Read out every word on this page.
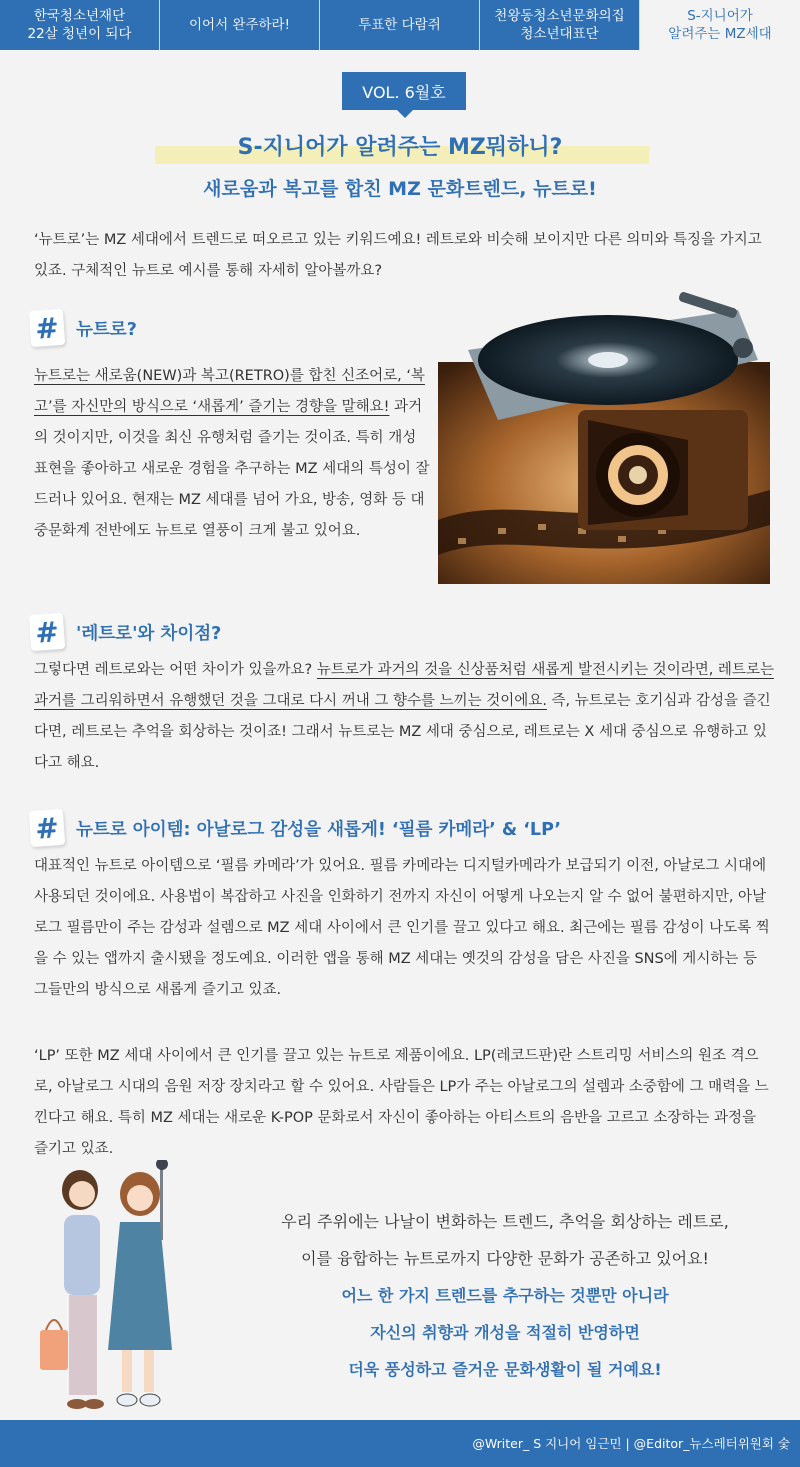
한국청소년재단
22살 청년이 되다
이어서 완주하라!	투표한 다람쥐
천왕동청소년문화의집
청소년대표단
S-지니어가
알려주는 MZ세대
VOL. 6월호
S-지니어가 알려주는 MZ뭐하니?
새로움과 복고를 합친 MZ 문화트렌드, 뉴트로!
‘뉴트로’는 MZ 세대에서 트렌드로 떠오르고 있는 키워드예요! 레트로와 비슷해 보이지만 다른 의미와 특징을 가지고 있죠. 구체적인 뉴트로 예시를 통해 자세히 알아볼까요?
# 뉴트로?
뉴트로는 새로움(NEW)과 복고(RETRO)를 합친 신조어로, ‘복고’를 자신만의 방식으로 ‘새롭게’ 즐기는 경향을 말해요! 과거의 것이지만, 이것을 최신 유행처럼 즐기는 것이죠. 특히 개성 표현을 좋아하고 새로운 경험을 추구하는 MZ 세대의 특성이 잘 드러나 있어요. 현재는 MZ 세대를 넘어 가요, 방송, 영화 등 대중문화계 전반에도 뉴트로 열풍이 크게 불고 있어요.
# '레트로'와 차이점?
그렇다면 레트로와는 어떤 차이가 있을까요? 뉴트로가 과거의 것을 신상품처럼 새롭게 발전시키는 것이라면, 레트로는 과거를 그리워하면서 유행했던 것을 그대로 다시 꺼내 그 향수를 느끼는 것이에요. 즉, 뉴트로는 호기심과 감성을 즐긴다면, 레트로는 추억을 회상하는 것이죠! 그래서 뉴트로는 MZ 세대 중심으로, 레트로는 X 세대 중심으로 유행하고 있다고 해요.
# 뉴트로 아이템: 아날로그 감성을 새롭게! ‘필름 카메라’ & ‘LP’
대표적인 뉴트로 아이템으로 ‘필름 카메라’가 있어요. 필름 카메라는 디지털카메라가 보급되기 이전, 아날로그 시대에 사용되던 것이에요. 사용법이 복잡하고 사진을 인화하기 전까지 자신이 어떻게 나오는지 알 수 없어 불편하지만, 아날로그 필름만이 주는 감성과 설렘으로 MZ 세대 사이에서 큰 인기를 끌고 있다고 해요. 최근에는 필름 감성이 나도록 찍을 수 있는 앱까지 출시됐을 정도예요. 이러한 앱을 통해 MZ 세대는 옛것의 감성을 담은 사진을 SNS에 게시하는 등 그들만의 방식으로 새롭게 즐기고 있죠.
‘LP’ 또한 MZ 세대 사이에서 큰 인기를 끌고 있는 뉴트로 제품이에요. LP(레코드판)란 스트리밍 서비스의 원조 격으로, 아날로그 시대의 음원 저장 장치라고 할 수 있어요. 사람들은 LP가 주는 아날로그의 설렘과 소중함에 그 매력을 느낀다고 해요. 특히 MZ 세대는 새로운 K-POP 문화로서 자신이 좋아하는 아티스트의 음반을 고르고 소장하는 과정을 즐기고 있죠.
우리 주위에는 나날이 변화하는 트렌드, 추억을 회상하는 레트로,
이를 융합하는 뉴트로까지 다양한 문화가 공존하고 있어요!
어느 한 가지 트렌드를 추구하는 것뿐만 아니라
자신의 취향과 개성을 적절히 반영하면
더욱 풍성하고 즐거운 문화생활이 될 거예요!
@Writer_ S 지니어 임근민 | @Editor_뉴스레터위원회 숯
